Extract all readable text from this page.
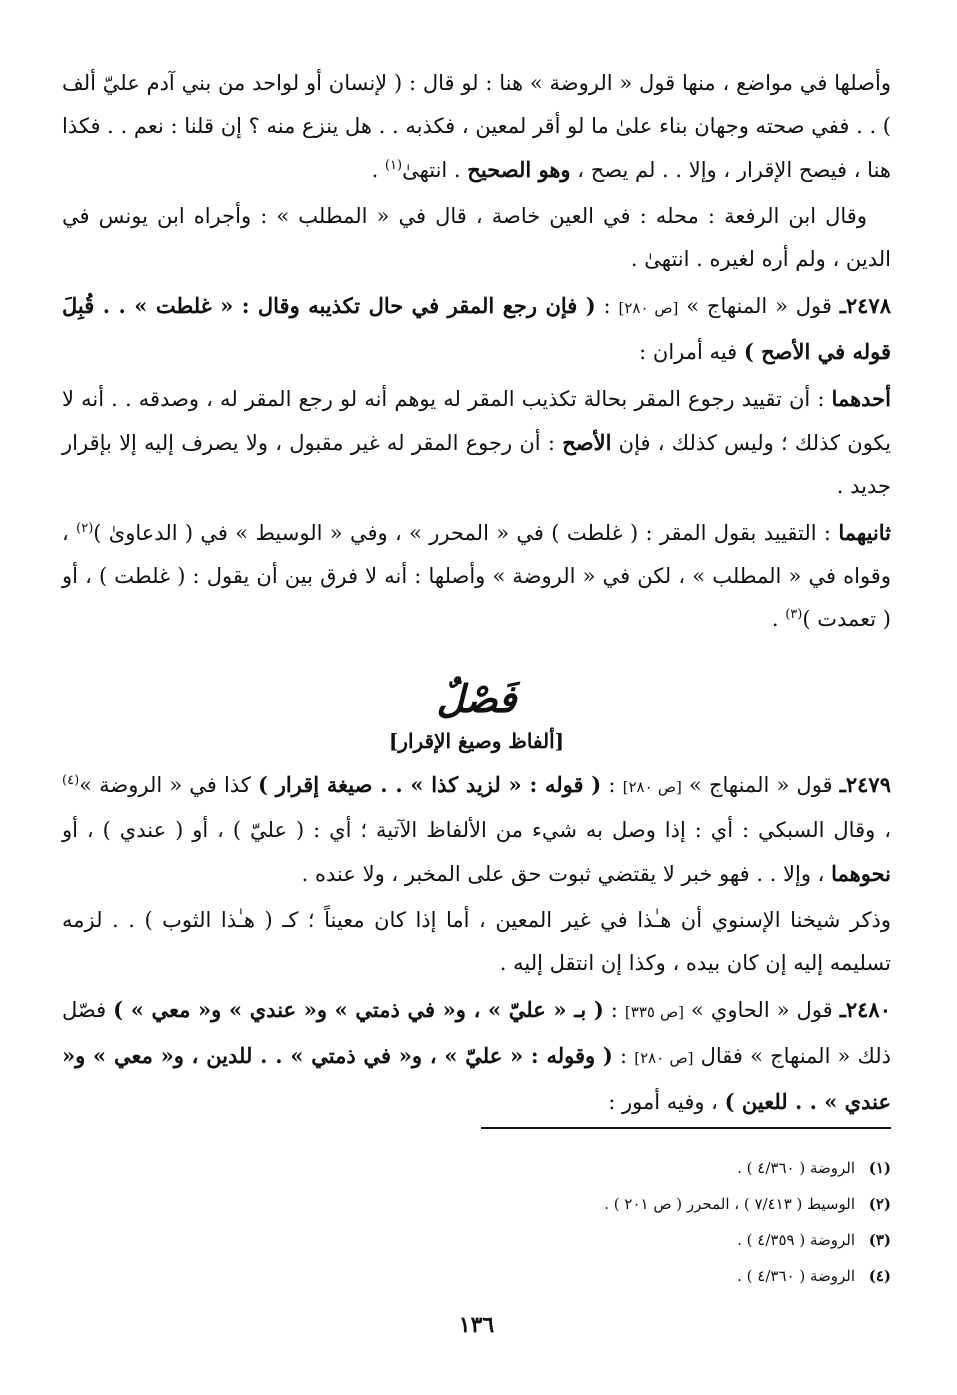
وأصلها في مواضع ، منها قول « الروضة » هنا : لو قال : ( لإنسان أو لواحد من بني آدم عليّ ألف ) . . ففي صحته وجهان بناء علىٰ ما لو أقر لمعين ، فكذبه . . هل ينزع منه ؟ إن قلنا : نعم . . فكذا هنا ، فيصح الإقرار ، وإلا . . لم يصح ، وهو الصحيح . انتهىٰ$^{(١)}$ .

وقال ابن الرفعة : محله : في العين خاصة ، قال في « المطلب » : وأجراه ابن يونس في الدين ، ولم أره لغيره . انتهىٰ .

٢٤٧٨ـ قول « المنهاج » [ص ٢٨٠] : ( فإن رجع المقر في حال تكذيبه وقال : « غلطت » . . قُبِلَ قوله في الأصح ) فيه أمران :

أحدهما : أن تقييد رجوع المقر بحالة تكذيب المقر له يوهم أنه لو رجع المقر له ، وصدقه . . أنه لا يكون كذلك ؛ وليس كذلك ، فإن الأصح : أن رجوع المقر له غير مقبول ، ولا يصرف إليه إلا بإقرار جديد .

ثانيهما : التقييد بقول المقر : ( غلطت ) في « المحرر » ، وفي « الوسيط » في ( الدعاوىٰ )$^{(٢)}$ ، وقواه في « المطلب » ، لكن في « الروضة » وأصلها : أنه لا فرق بين أن يقول : ( غلطت ) ، أو ( تعمدت )$^{(٣)}$ .

فَصْلٌ
[ألفاظ وصيغ الإقرار]

٢٤٧٩ـ قول « المنهاج » [ص ٢٨٠] : ( قوله : « لزيد كذا » . . صيغة إقرار ) كذا في « الروضة »$^{(٤)}$ ، وقال السبكي : أي : إذا وصل به شيء من الألفاظ الآتية ؛ أي : ( عليّ ) ، أو ( عندي ) ، أو نحوهما ، وإلا . . فهو خبر لا يقتضي ثبوت حق على المخبر ، ولا عنده .

وذكر شيخنا الإسنوي أن هـٰذا في غير المعين ، أما إذا كان معيناً ؛ كـ ( هـٰذا الثوب ) . . لزمه تسليمه إليه إن كان بيده ، وكذا إن انتقل إليه .

٢٤٨٠ـ قول « الحاوي » [ص ٣٣٥] : ( بـ « عليّ » ، و« في ذمتي » و« عندي » و« معي » ) فصّل ذلك « المنهاج » فقال [ص ٢٨٠] : ( وقوله : « عليّ » ، و« في ذمتي » . . للدين ، و« معي » و« عندي » . . للعين ) ، وفيه أمور :

(١)الروضة ( ٤/٣٦٠ ) .

(٢)الوسيط ( ٧/٤١٣ ) ، المحرر ( ص ٢٠١ ) .

(٣)الروضة ( ٤/٣٥٩ ) .

(٤)الروضة ( ٤/٣٦٠ ) .

١٣٦
